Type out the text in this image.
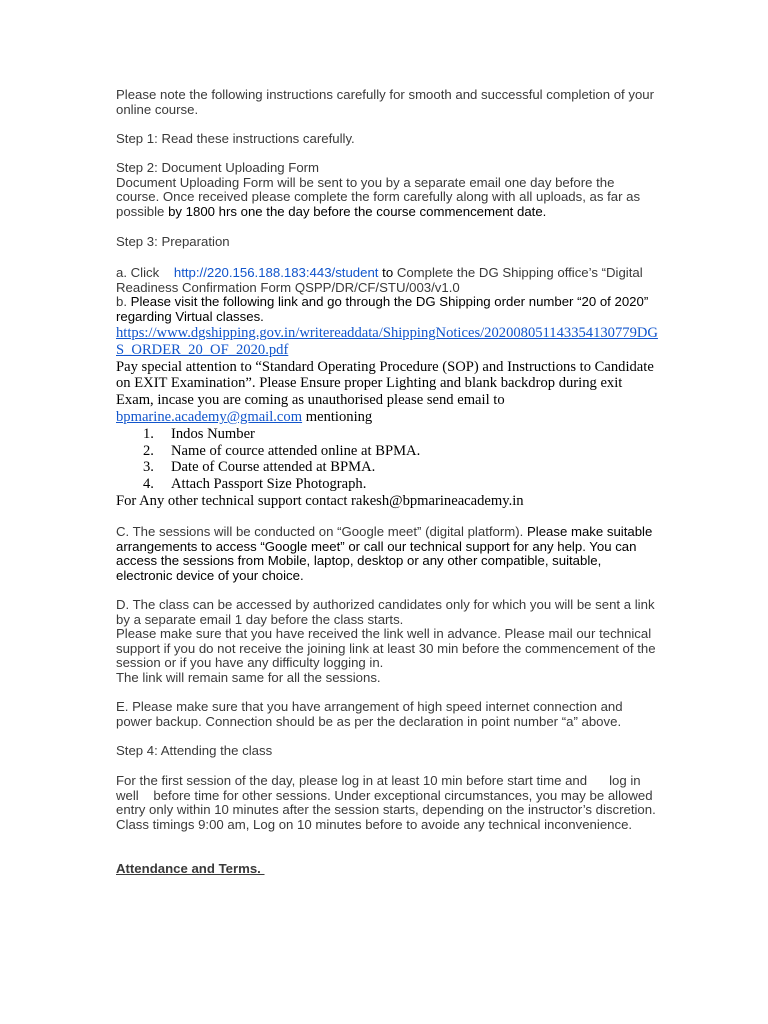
Please note the following instructions carefully for smooth and successful completion of your online course.

Step 1: Read these instructions carefully.

Step 2: Document Uploading Form
Document Uploading Form will be sent to you by a separate email one day before the course. Once received please complete the form carefully along with all uploads, as far as possible by 1800 hrs one the day before the course commencement date.

Step 3: Preparation

a. Click http://220.156.188.183:443/student to Complete the DG Shipping office’s “Digital Readiness Confirmation Form QSPP/DR/CF/STU/003/v1.0

b. Please visit the following link and go through the DG Shipping order number “20 of 2020” regarding Virtual classes.

https://www.dgshipping.gov.in/writereaddata/ShippingNotices/202008051143354130779DGS_ORDER_20_OF_2020.pdf
Pay special attention to “Standard Operating Procedure (SOP) and Instructions to Candidate on EXIT Examination”. Please Ensure proper Lighting and blank backdrop during exit Exam, incase you are coming as unauthorised please send email to bpmarine.academy@gmail.com mentioning
1. Indos Number
2. Name of cource attended online at BPMA.
3. Date of Course attended at BPMA.
4. Attach Passport Size Photograph.
For Any other technical support contact rakesh@bpmarineacademy.in

C. The sessions will be conducted on “Google meet” (digital platform). Please make suitable arrangements to access “Google meet” or call our technical support for any help. You can access the sessions from Mobile, laptop, desktop or any other compatible, suitable, electronic device of your choice.

D. The class can be accessed by authorized candidates only for which you will be sent a link by a separate email 1 day before the class starts.
Please make sure that you have received the link well in advance. Please mail our technical support if you do not receive the joining link at least 30 min before the commencement of the session or if you have any difficulty logging in.
The link will remain same for all the sessions.

E. Please make sure that you have arrangement of high speed internet connection and power backup. Connection should be as per the declaration in point number “a” above.

Step 4: Attending the class

For the first session of the day, please log in at least 10 min before start time and      log in well    before time for other sessions. Under exceptional circumstances, you may be allowed entry only within 10 minutes after the session starts, depending on the instructor’s discretion.
Class timings 9:00 am, Log on 10 minutes before to avoide any technical inconvenience.

Attendance and Terms.
